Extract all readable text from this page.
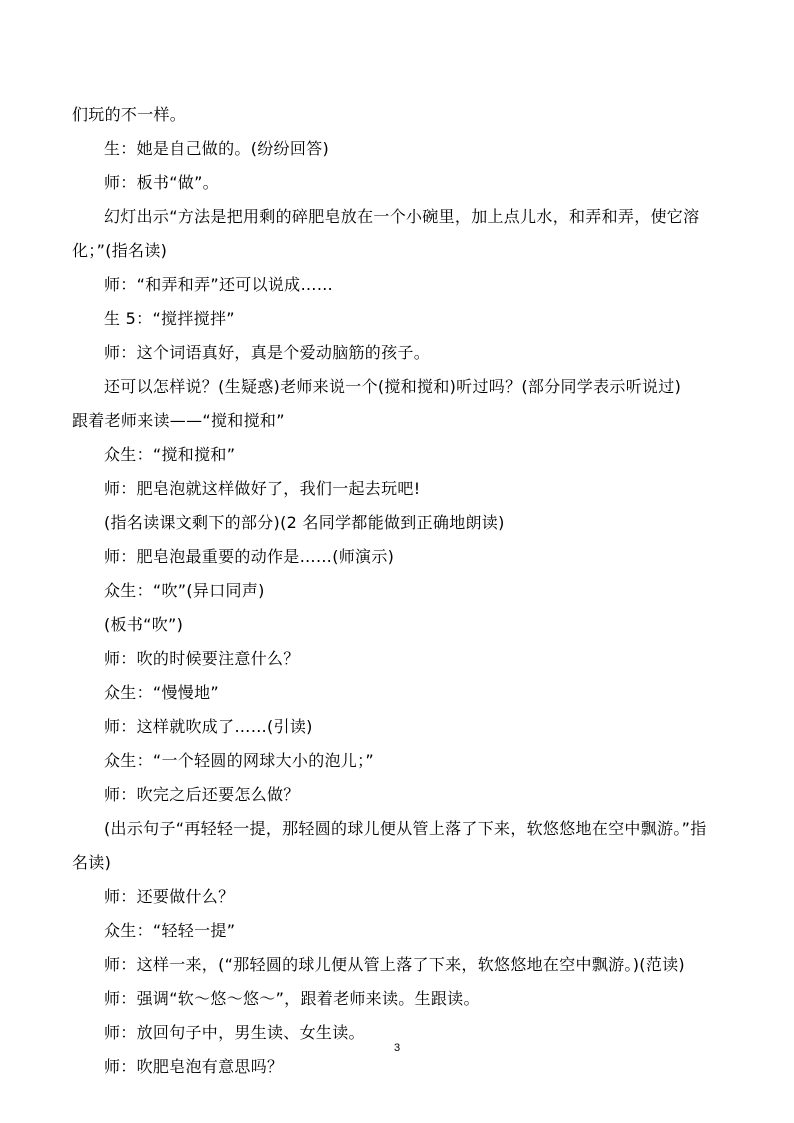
们玩的不一样。
生：她是自己做的。(纷纷回答)
师：板书“做”。
幻灯出示“方法是把用剩的碎肥皂放在一个小碗里，加上点儿水，和弄和弄，使它溶
化；”(指名读)
师：“和弄和弄”还可以说成……
生 5：“搅拌搅拌”
师：这个词语真好，真是个爱动脑筋的孩子。
还可以怎样说？(生疑惑)老师来说一个(搅和搅和)听过吗？(部分同学表示听说过)
跟着老师来读——“搅和搅和”
众生：“搅和搅和”
师：肥皂泡就这样做好了，我们一起去玩吧!
(指名读课文剩下的部分)(2 名同学都能做到正确地朗读)
师：肥皂泡最重要的动作是……(师演示)
众生：“吹”(异口同声)
(板书“吹”)
师：吹的时候要注意什么？
众生：“慢慢地”
师：这样就吹成了……(引读)
众生：“一个轻圆的网球大小的泡儿；”
师：吹完之后还要怎么做？
(出示句子“再轻轻一提，那轻圆的球儿便从管上落了下来，软悠悠地在空中飘游。”指
名读)
师：还要做什么？
众生：“轻轻一提”
师：这样一来，(“那轻圆的球儿便从管上落了下来，软悠悠地在空中飘游。)(范读)
师：强调“软～悠～悠～”，跟着老师来读。生跟读。
师：放回句子中，男生读、女生读。
师：吹肥皂泡有意思吗？
3
